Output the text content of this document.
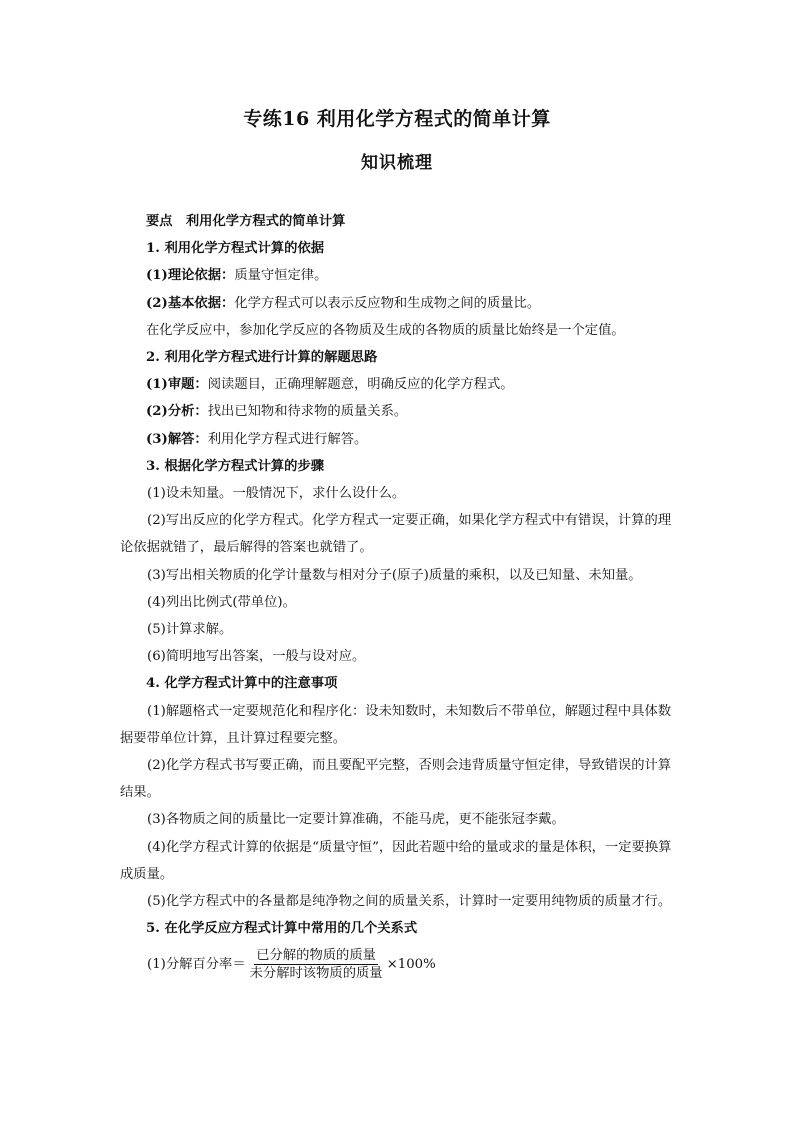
专练16 利用化学方程式的简单计算
知识梳理

要点　利用化学方程式的简单计算

1. 利用化学方程式计算的依据

(1)理论依据：质量守恒定律。

(2)基本依据：化学方程式可以表示反应物和生成物之间的质量比。

在化学反应中，参加化学反应的各物质及生成的各物质的质量比始终是一个定值。

2. 利用化学方程式进行计算的解题思路

(1)审题：阅读题目，正确理解题意，明确反应的化学方程式。

(2)分析：找出已知物和待求物的质量关系。

(3)解答：利用化学方程式进行解答。

3. 根据化学方程式计算的步骤

(1)设未知量。一般情况下，求什么设什么。

(2)写出反应的化学方程式。化学方程式一定要正确，如果化学方程式中有错误，计算的理论依据就错了，最后解得的答案也就错了。

(3)写出相关物质的化学计量数与相对分子(原子)质量的乘积，以及已知量、未知量。

(4)列出比例式(带单位)。

(5)计算求解。

(6)简明地写出答案，一般与设对应。

4. 化学方程式计算中的注意事项

(1)解题格式一定要规范化和程序化：设未知数时，未知数后不带单位，解题过程中具体数据要带单位计算，且计算过程要完整。

(2)化学方程式书写要正确，而且要配平完整，否则会违背质量守恒定律，导致错误的计算结果。

(3)各物质之间的质量比一定要计算准确，不能马虎，更不能张冠李戴。

(4)化学方程式计算的依据是“质量守恒”，因此若题中给的量或求的量是体积，一定要换算成质量。

(5)化学方程式中的各量都是纯净物之间的质量关系，计算时一定要用纯物质的质量才行。

5. 在化学反应方程式计算中常用的几个关系式

(1)分解百分率＝ $\frac{\text{已分解的物质的质量}}{\text{未分解时该物质的质量}} \times 100\%$
